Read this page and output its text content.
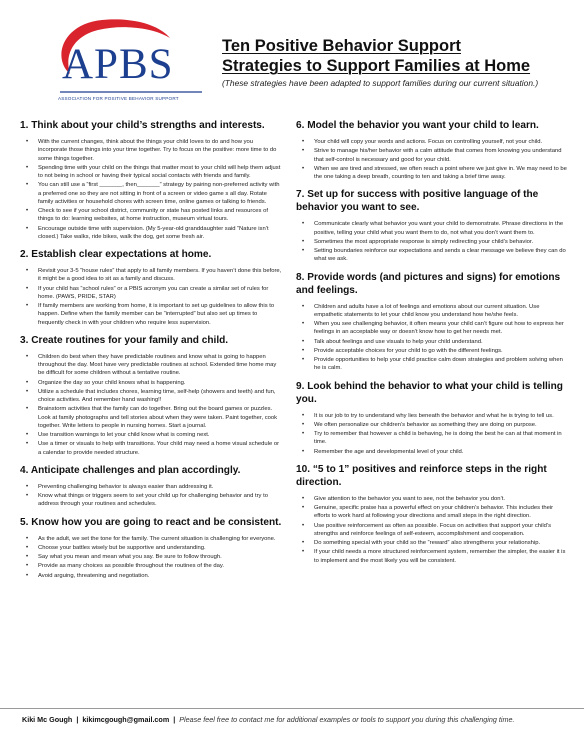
APBS
ASSOCIATION FOR POSITIVE BEHAVIOR SUPPORT
Ten Positive Behavior Support
Strategies to Support Families at Home
(These strategies have been adapted to support families during our current situation.)
1. Think about your child’s strengths and interests.
• With the current changes, think about the things your child loves to do and how you incorporate those things into your time together. Try to focus on the positive: more time to do some things together.
• Spending time with your child on the things that matter most to your child will help them adjust to not being in school or having their typical social contacts with friends and family.
• You can still use a “first _______, then_______” strategy by pairing non-preferred activity with a preferred one so they are not sitting in front of a screen or video game s all day. Rotate family activities or household chores with screen time, online games or talking to friends.
• Check to see if your school district, community or state has posted links and resources of things to do: learning websites, at home instruction, museum virtual tours.
• Encourage outside time with supervision. (My 5-year-old granddaughter said “Nature isn’t closed.) Take walks, ride bikes, walk the dog, get some fresh air.
2. Establish clear expectations at home.
• Revisit your 3-5 “house rules” that apply to all family members. If you haven’t done this before, it might be a good idea to sit as a family and discuss.
• If your child has “school rules” or a PBIS acronym you can create a similar set of rules for home. (PAWS, PRIDE, STAR)
• If family members are working from home, it is important to set up guidelines to allow this to happen. Define when the family member can be “interrupted” but also set up times to frequently check in with your children who require less supervision.
3. Create routines for your family and child.
• Children do best when they have predictable routines and know what is going to happen throughout the day. Most have very predictable routines at school. Extended time home may be difficult for some children without a tentative routine.
• Organize the day so your child knows what is happening.
• Utilize a schedule that includes chores, learning time, self-help (showers and teeth) and fun, choice activities. And remember hand washing!!
• Brainstorm activities that the family can do together. Bring out the board games or puzzles. Look at family photographs and tell stories about when they were taken. Paint together, cook together. Write letters to people in nursing homes. Start a journal.
• Use transition warnings to let your child know what is coming next.
• Use a timer or visuals to help with transitions. Your child may need a home visual schedule or a calendar to provide needed structure.
4. Anticipate challenges and plan accordingly.
• Preventing challenging behavior is always easier than addressing it.
• Know what things or triggers seem to set your child up for challenging behavior and try to address through your routines and schedules.
5. Know how you are going to react and be consistent.
• As the adult, we set the tone for the family. The current situation is challenging for everyone.
• Choose your battles wisely but be supportive and understanding.
• Say what you mean and mean what you say. Be sure to follow through.
• Provide as many choices as possible throughout the routines of the day.
• Avoid arguing, threatening and negotiation.
6. Model the behavior you want your child to learn.
• Your child will copy your words and actions. Focus on controlling yourself, not your child.
• Strive to manage his/her behavior with a calm attitude that comes from knowing you understand that self-control is necessary and good for your child.
• When we are tired and stressed, we often reach a point where we just give in. We may need to be the one taking a deep breath, counting to ten and taking a brief time away.
7. Set up for success with positive language of the behavior you want to see.
• Communicate clearly what behavior you want your child to demonstrate. Phrase directions in the positive, telling your child what you want them to do, not what you don’t want them to.
• Sometimes the most appropriate response is simply redirecting your child’s behavior.
• Setting boundaries reinforce our expectations and sends a clear message we believe they can do what we ask.
8. Provide words (and pictures and signs) for emotions and feelings.
• Children and adults have a lot of feelings and emotions about our current situation. Use empathetic statements to let your child know you understand how he/she feels.
• When you see challenging behavior, it often means your child can’t figure out how to express her feelings in an acceptable way or doesn’t know how to get her needs met.
• Talk about feelings and use visuals to help your child understand.
• Provide acceptable choices for your child to go with the different feelings.
• Provide opportunities to help your child practice calm down strategies and problem solving when he is calm.
9. Look behind the behavior to what your child is telling you.
• It is our job to try to understand why lies beneath the behavior and what he is trying to tell us.
• We often personalize our children’s behavior as something they are doing on purpose.
• Try to remember that however a child is behaving, he is doing the best he can at that moment in time.
• Remember the age and developmental level of your child.
10. “5 to 1” positives and reinforce steps in the right direction.
• Give attention to the behavior you want to see, not the behavior you don’t.
• Genuine, specific praise has a powerful effect on your children’s behavior. This includes their efforts to work hard at following your directions and small steps in the right direction.
• Use positive reinforcement as often as possible. Focus on activities that support your child’s strengths and reinforce feelings of self-esteem, accomplishment and cooperation.
• Do something special with your child so the “reward” also strengthens your relationship.
• If your child needs a more structured reinforcement system, remember the simpler, the easier it is to implement and the most likely you will be consistent.
Kiki Mc Gough | kikimcgough@gmail.com | Please feel free to contact me for additional examples or tools to support you during this challenging time.
